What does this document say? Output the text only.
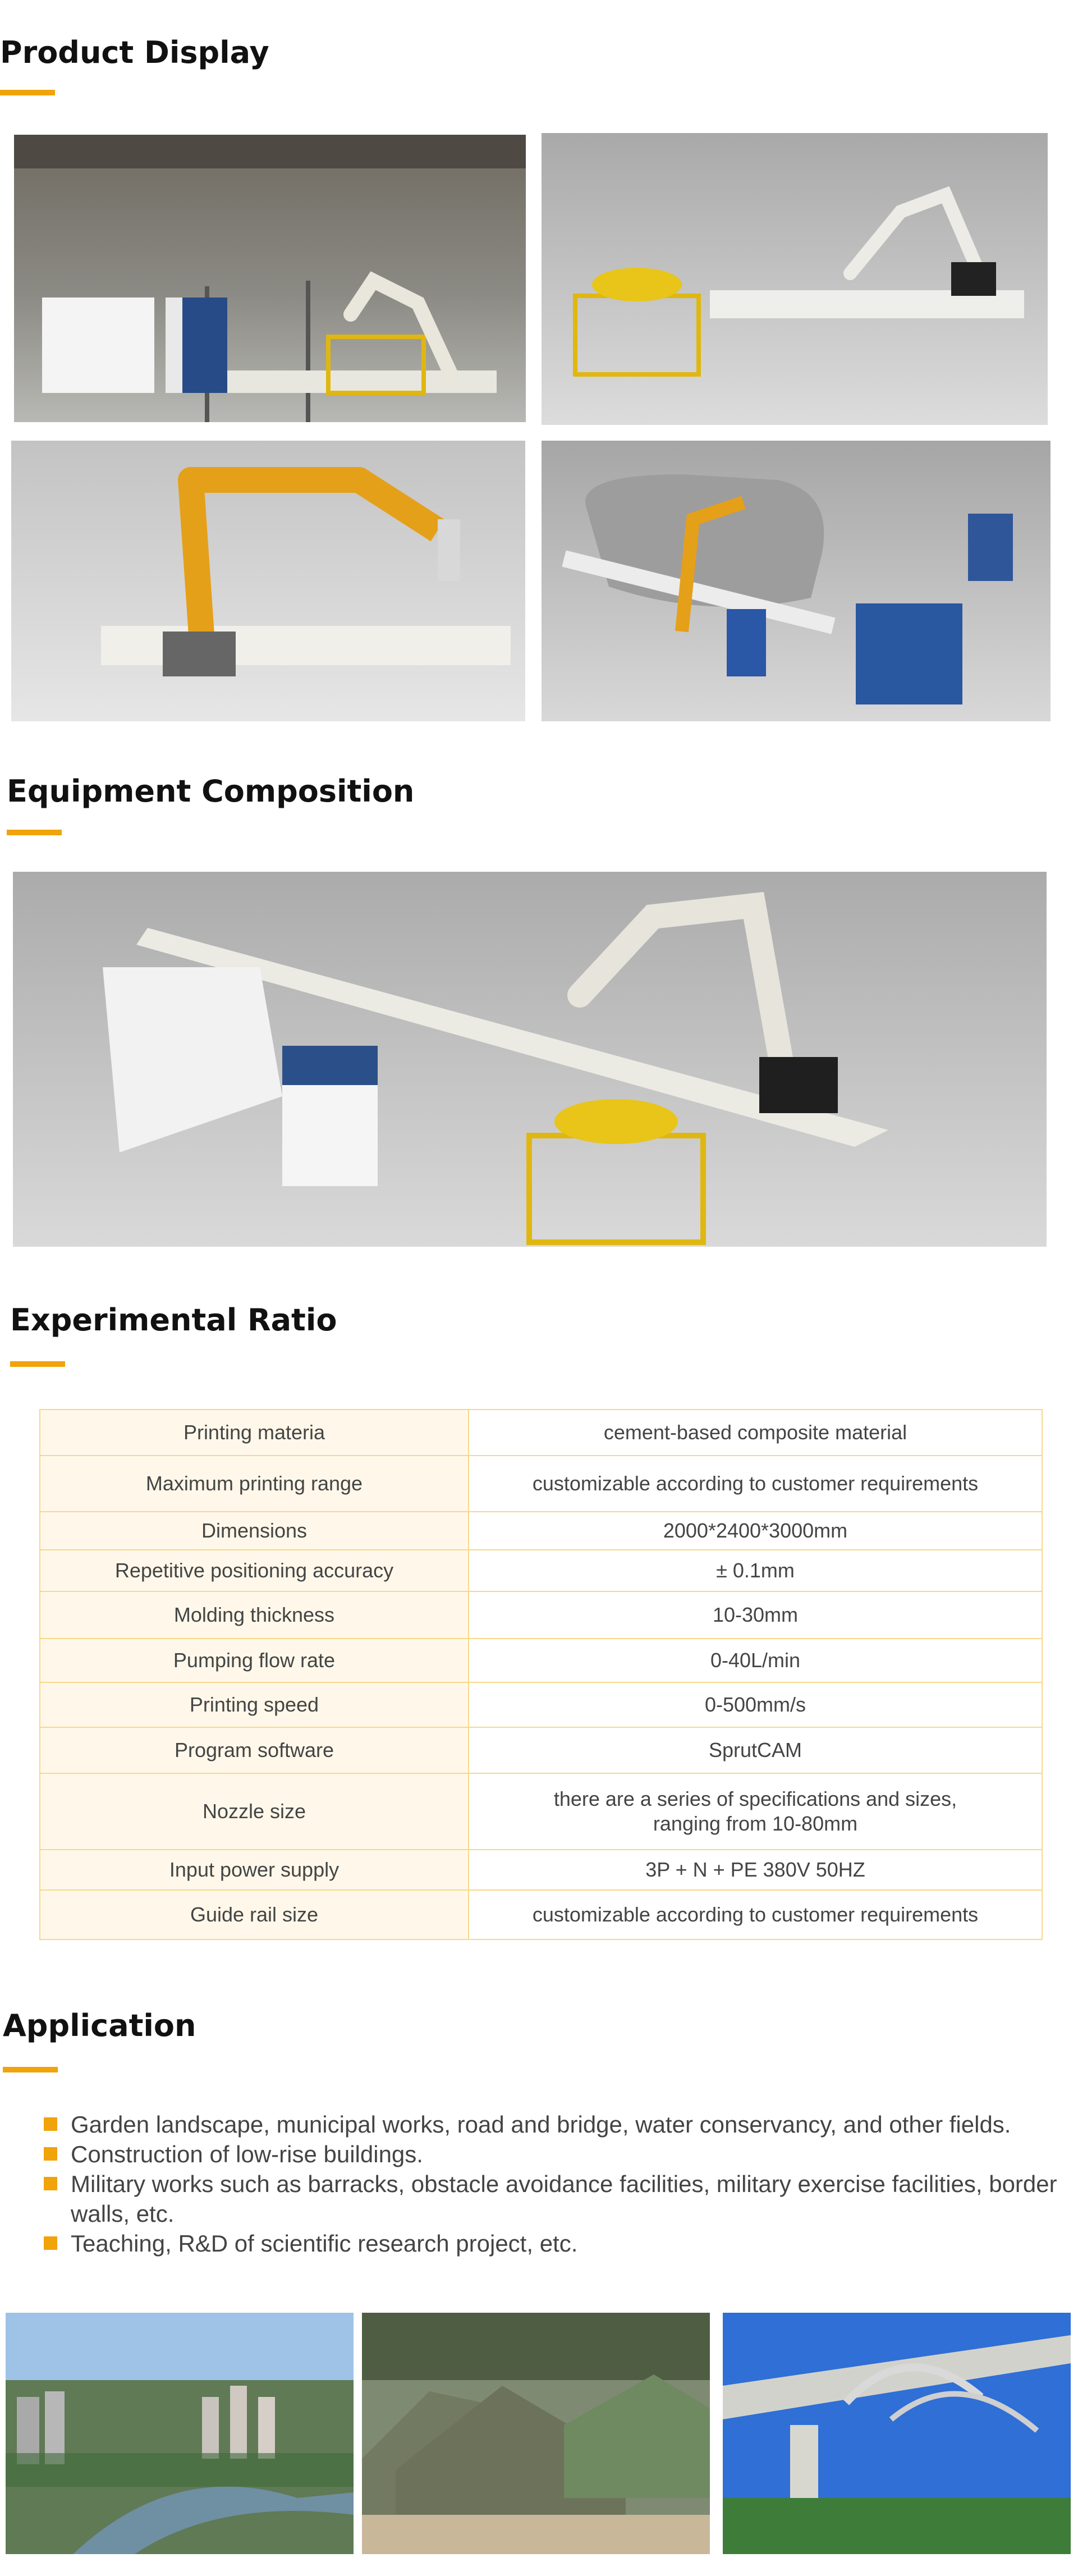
Product Display
Equipment Composition
Experimental Ratio
Printing materia	cement-based composite material
Maximum printing range	customizable according to customer requirements
Dimensions	2000*2400*3000mm
Repetitive positioning accuracy	± 0.1mm
Molding thickness	10-30mm
Pumping flow rate	0-40L/min
Printing speed	0-500mm/s
Program software	SprutCAM
Nozzle size	there are a series of specifications and sizes,
ranging from 10-80mm

Input power supply	3P + N + PE 380V 50HZ
Guide rail size	customizable according to customer requirements
Application
Garden landscape, municipal works, road and bridge, water conservancy, and other fields.
Construction of low-rise buildings.
Military works such as barracks, obstacle avoidance facilities, military exercise facilities, border walls, etc.
Teaching, R&D of scientific research project, etc.
